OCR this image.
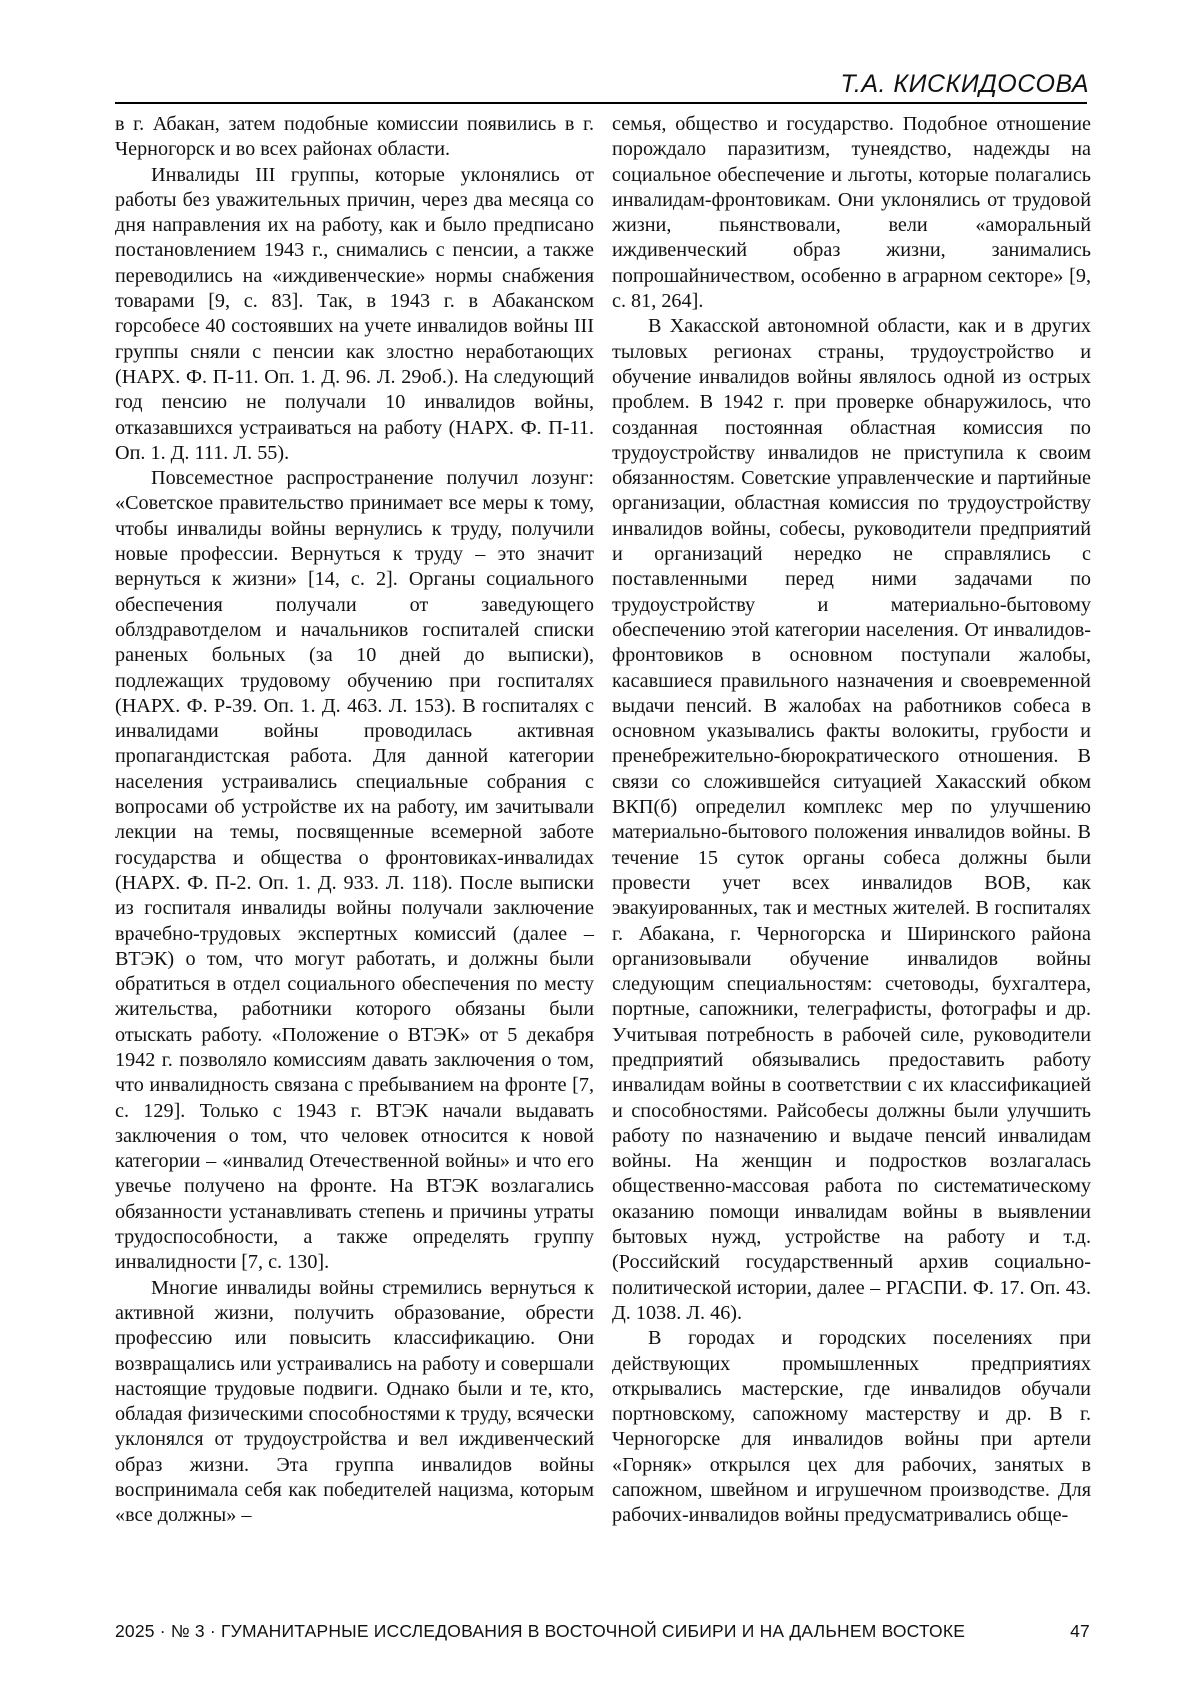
Т.А. КИСКИДОСОВА

в г. Абакан, затем подобные комиссии появились в г. Черногорск и во всех районах области.

Инвалиды III группы, которые уклонялись от работы без уважительных причин, через два месяца со дня направления их на работу, как и было предписано постановлением 1943 г., снимались с пенсии, а также переводились на «иждивенческие» нормы снабжения товарами [9, с. 83]. Так, в 1943 г. в Абаканском горсобесе 40 состоявших на учете инвалидов войны III группы сняли с пенсии как злостно неработающих (НАРХ. Ф. П-11. Оп. 1. Д. 96. Л. 29об.). На следующий год пенсию не получали 10 инвалидов войны, отказавшихся устраиваться на работу (НАРХ. Ф. П-11. Оп. 1. Д. 111. Л. 55).

Повсеместное распространение получил лозунг: «Советское правительство принимает все меры к тому, чтобы инвалиды войны вернулись к труду, получили новые профессии. Вернуться к труду – это значит вернуться к жизни» [14, с. 2]. Органы социального обеспечения получали от заведующего облздравотделом и начальников госпиталей списки раненых больных (за 10 дней до выписки), подлежащих трудовому обучению при госпиталях (НАРХ. Ф. Р-39. Оп. 1. Д. 463. Л. 153). В госпиталях с инвалидами войны проводилась активная пропагандистская работа. Для данной категории населения устраивались специальные собрания с вопросами об устройстве их на работу, им зачитывали лекции на темы, посвященные всемерной заботе государства и общества о фронтовиках-инвалидах (НАРХ. Ф. П-2. Оп. 1. Д. 933. Л. 118). После выписки из госпиталя инвалиды войны получали заключение врачебно-трудовых экспертных комиссий (далее – ВТЭК) о том, что могут работать, и должны были обратиться в отдел социального обеспечения по месту жительства, работники которого обязаны были отыскать работу. «Положение о ВТЭК» от 5 декабря 1942 г. позволяло комиссиям давать заключения о том, что инвалидность связана с пребыванием на фронте [7, с. 129]. Только с 1943 г. ВТЭК начали выдавать заключения о том, что человек относится к новой категории – «инвалид Отечественной войны» и что его увечье получено на фронте. На ВТЭК возлагались обязанности устанавливать степень и причины утраты трудоспособности, а также определять группу инвалидности [7, с. 130].

Многие инвалиды войны стремились вернуться к активной жизни, получить образование, обрести профессию или повысить классификацию. Они возвращались или устраивались на работу и совершали настоящие трудовые подвиги. Однако были и те, кто, обладая физическими способностями к труду, всячески уклонялся от трудоустройства и вел иждивенческий образ жизни. Эта группа инвалидов войны воспринимала себя как победителей нацизма, которым «все должны» –

семья, общество и государство. Подобное отношение порождало паразитизм, тунеядство, надежды на социальное обеспечение и льготы, которые полагались инвалидам-фронтовикам. Они уклонялись от трудовой жизни, пьянствовали, вели «аморальный иждивенческий образ жизни, занимались попрошайничеством, особенно в аграрном секторе» [9, с. 81, 264].

В Хакасской автономной области, как и в других тыловых регионах страны, трудоустройство и обучение инвалидов войны являлось одной из острых проблем. В 1942 г. при проверке обнаружилось, что созданная постоянная областная комиссия по трудоустройству инвалидов не приступила к своим обязанностям. Советские управленческие и партийные организации, областная комиссия по трудоустройству инвалидов войны, собесы, руководители предприятий и организаций нередко не справлялись с поставленными перед ними задачами по трудоустройству и материально-бытовому обеспечению этой категории населения. От инвалидов-фронтовиков в основном поступали жалобы, касавшиеся правильного назначения и своевременной выдачи пенсий. В жалобах на работников собеса в основном указывались факты волокиты, грубости и пренебрежительно-бюрократического отношения. В связи со сложившейся ситуацией Хакасский обком ВКП(б) определил комплекс мер по улучшению материально-бытового положения инвалидов войны. В течение 15 суток органы собеса должны были провести учет всех инвалидов ВОВ, как эвакуированных, так и местных жителей. В госпиталях г. Абакана, г. Черногорска и Ширинского района организовывали обучение инвалидов войны следующим специальностям: счетоводы, бухгалтера, портные, сапожники, телеграфисты, фотографы и др. Учитывая потребность в рабочей силе, руководители предприятий обязывались предоставить работу инвалидам войны в соответствии с их классификацией и способностями. Райсобесы должны были улучшить работу по назначению и выдаче пенсий инвалидам войны. На женщин и подростков возлагалась общественно-массовая работа по систематическому оказанию помощи инвалидам войны в выявлении бытовых нужд, устройстве на работу и т.д. (Российский государственный архив социально-политической истории, далее – РГАСПИ. Ф. 17. Оп. 43. Д. 1038. Л. 46).

В городах и городских поселениях при действующих промышленных предприятиях открывались мастерские, где инвалидов обучали портновскому, сапожному мастерству и др. В г. Черногорске для инвалидов войны при артели «Горняк» открылся цех для рабочих, занятых в сапожном, швейном и игрушечном производстве. Для рабочих-инвалидов войны предусматривались обще-

2025 · № 3 · ГУМАНИТАРНЫЕ ИССЛЕДОВАНИЯ В ВОСТОЧНОЙ СИБИРИ И НА ДАЛЬНЕМ ВОСТОКЕ	47
